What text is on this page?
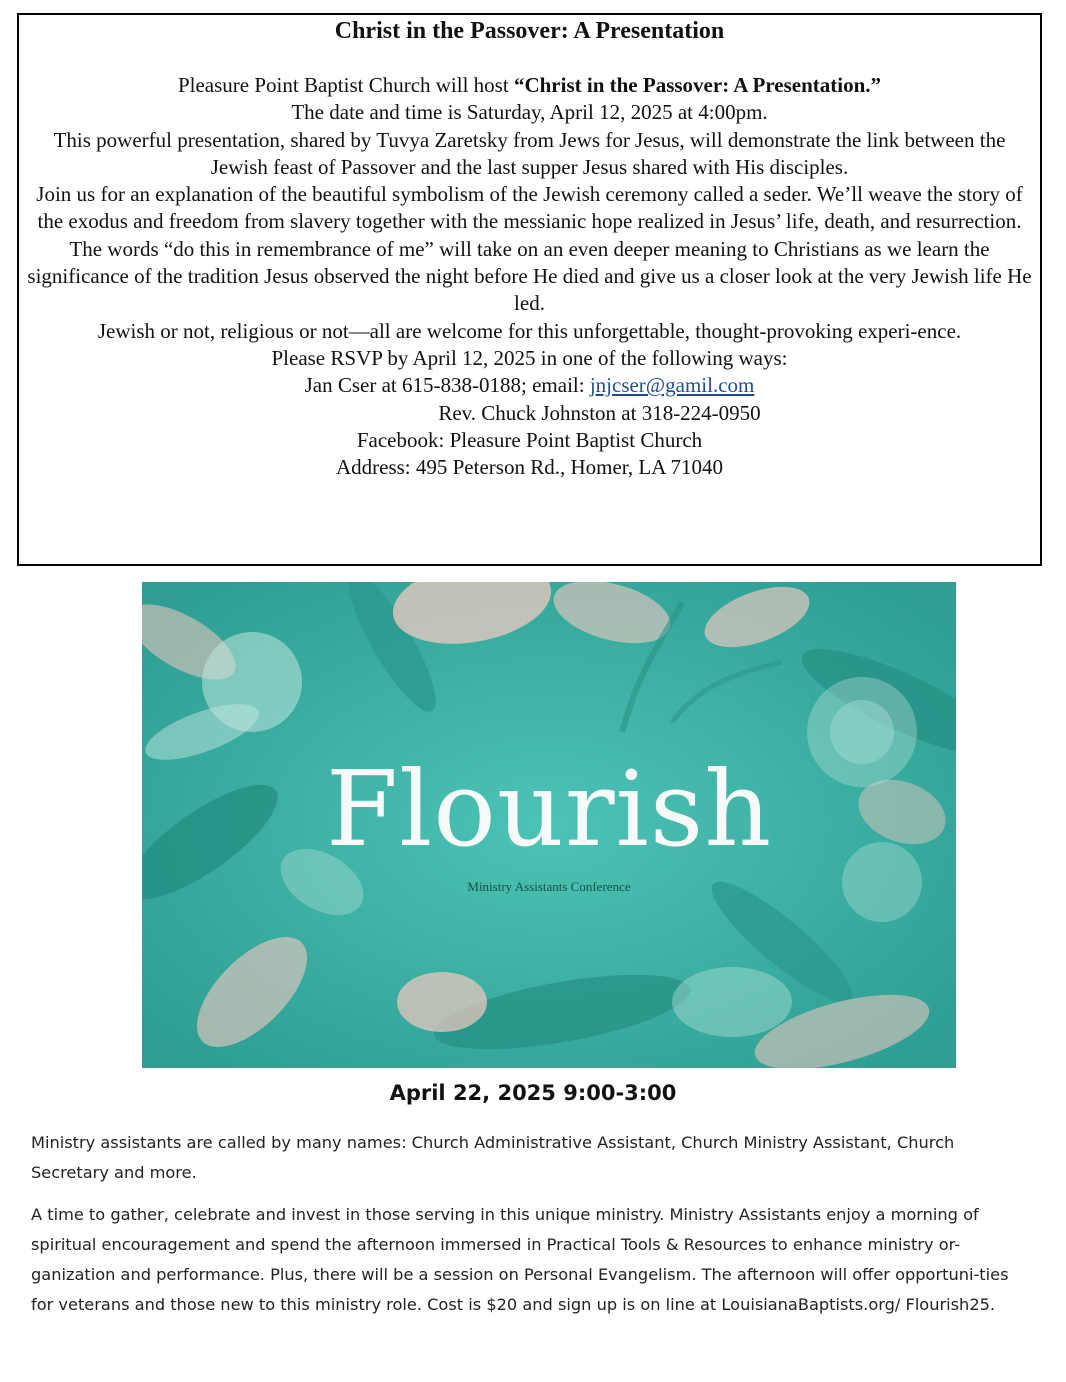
Christ in the Passover: A Presentation

Pleasure Point Baptist Church will host “Christ in the Passover: A Presentation.”

The date and time is Saturday, April 12, 2025 at 4:00pm.

This powerful presentation, shared by Tuvya Zaretsky from Jews for Jesus, will demonstrate the link between the Jewish feast of Passover and the last supper Jesus shared with His disciples.

Join us for an explanation of the beautiful symbolism of the Jewish ceremony called a seder. We’ll weave the story of the exodus and freedom from slavery together with the messianic hope realized in Jesus’ life, death, and resurrection. The words “do this in remembrance of me” will take on an even deeper meaning to Christians as we learn the significance of the tradition Jesus observed the night before He died and give us a closer look at the very Jewish life He led.

Jewish or not, religious or not—all are welcome for this unforgettable, thought-provoking experi-ence.

Please RSVP by April 12, 2025 in one of the following ways:

Jan Cser at 615-838-0188; email: jnjcser@gamil.com

Rev. Chuck Johnston at 318-224-0950

Facebook: Pleasure Point Baptist Church

Address: 495 Peterson Rd., Homer, LA 71040

Flourish
Ministry Assistants Conference
April 22, 2025 9:00-3:00

Ministry assistants are called by many names: Church Administrative Assistant, Church Ministry Assistant, Church Secretary and more.

A time to gather, celebrate and invest in those serving in this unique ministry. Ministry Assistants enjoy a morning of spiritual encouragement and spend the afternoon immersed in Practical Tools & Resources to enhance ministry or-ganization and performance. Plus, there will be a session on Personal Evangelism. The afternoon will offer opportuni-ties for veterans and those new to this ministry role. Cost is $20 and sign up is on line at LouisianaBaptists.org/ Flourish25.
